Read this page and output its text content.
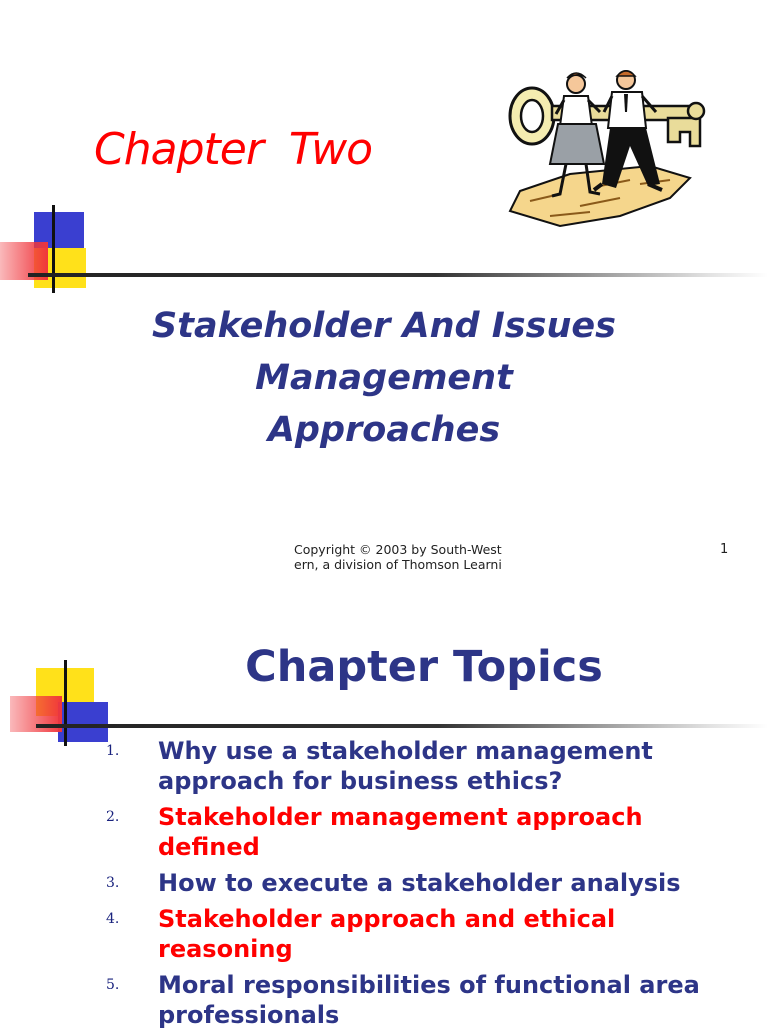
Chapter  Two
Stakeholder And Issues
Management
Approaches
Copyright © 2003 by South-West
ern, a division of Thomson Learni
1
Chapter Topics
1.	Why use a stakeholder management approach for business ethics?
2.	Stakeholder management approach defined
3.	How to execute a stakeholder analysis
4.	Stakeholder approach and ethical reasoning
5.	Moral responsibilities of functional area professionals
